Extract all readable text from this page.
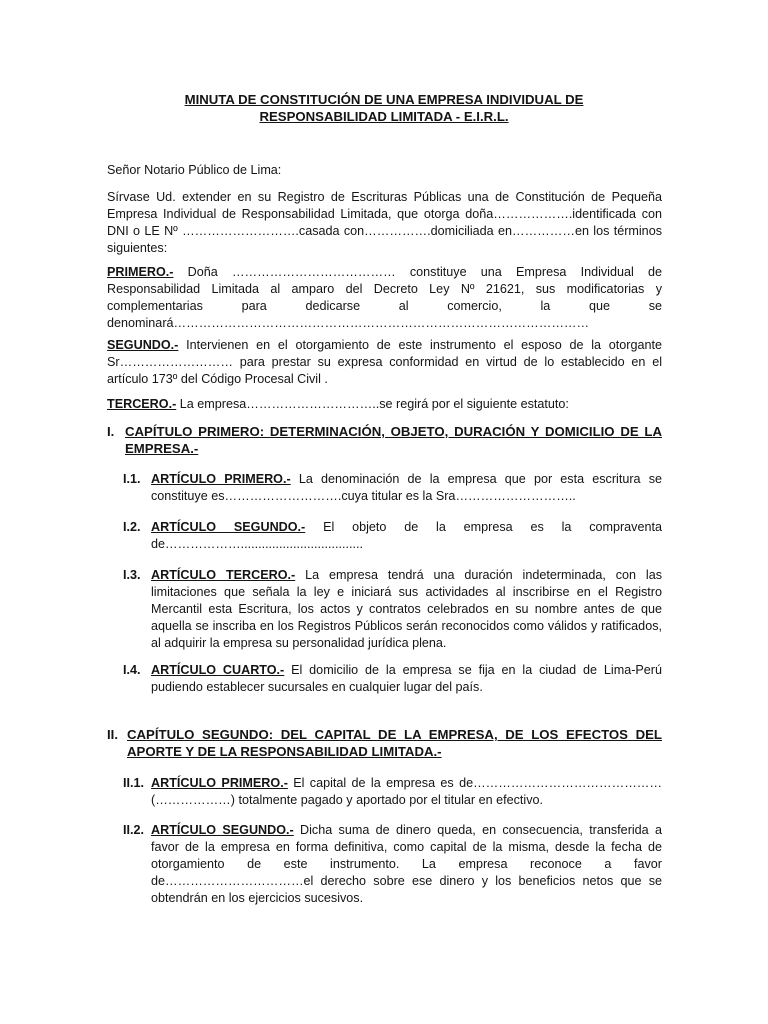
MINUTA DE CONSTITUCIÓN DE UNA EMPRESA INDIVIDUAL DE
RESPONSABILIDAD LIMITADA - E.I.R.L.

Señor Notario Público de Lima:

Sírvase Ud. extender en su Registro de Escrituras Públicas una de Constitución de Pequeña Empresa Individual de Responsabilidad Limitada, que otorga doña……………….identificada con DNI o LE Nº ……………………….casada con…………….domiciliada en……………en los términos siguientes:

PRIMERO.- Doña ………………………………… constituye una Empresa Individual de
Responsabilidad Limitada al amparo del Decreto Ley Nº 21621, sus modificatorias y
complementarias para dedicarse al comercio, la que se
denominará………………………………………………………………………………………

SEGUNDO.- Intervienen en el otorgamiento de este instrumento el esposo de la otorgante Sr……………………… para prestar su expresa conformidad en virtud de lo establecido en el artículo 173º del Código Procesal Civil .

TERCERO.- La empresa…………………………..se regirá por el siguiente estatuto:

I. CAPÍTULO PRIMERO: DETERMINACIÓN, OBJETO, DURACIÓN Y DOMICILIO DE LA EMPRESA.-
I.1. ARTÍCULO PRIMERO.- La denominación de la empresa que por esta escritura se constituye es……………………….cuya titular es la Sra………………………..
I.2. ARTÍCULO SEGUNDO.- El objeto de la empresa es la compraventa de………………...................................
I.3. ARTÍCULO TERCERO.- La empresa tendrá una duración indeterminada, con las limitaciones que señala la ley e iniciará sus actividades al inscribirse en el Registro Mercantil esta Escritura, los actos y contratos celebrados en su nombre antes de que aquella se inscriba en los Registros Públicos serán reconocidos como válidos y ratificados, al adquirir la empresa su personalidad jurídica plena.
I.4. ARTÍCULO CUARTO.- El domicilio de la empresa se fija en la ciudad de Lima-Perú pudiendo establecer sucursales en cualquier lugar del país.
II. CAPÍTULO SEGUNDO: DEL CAPITAL DE LA EMPRESA, DE LOS EFECTOS DEL APORTE Y DE LA RESPONSABILIDAD LIMITADA.-
II.1. ARTÍCULO PRIMERO.- El capital de la empresa es de……………………………………… (………………) totalmente pagado y aportado por el titular en efectivo.
II.2. ARTÍCULO SEGUNDO.- Dicha suma de dinero queda, en consecuencia, transferida a favor de la empresa en forma definitiva, como capital de la misma, desde la fecha de otorgamiento de este instrumento. La empresa reconoce a favor de……………………………el derecho sobre ese dinero y los beneficios netos que se obtendrán en los ejercicios sucesivos.
